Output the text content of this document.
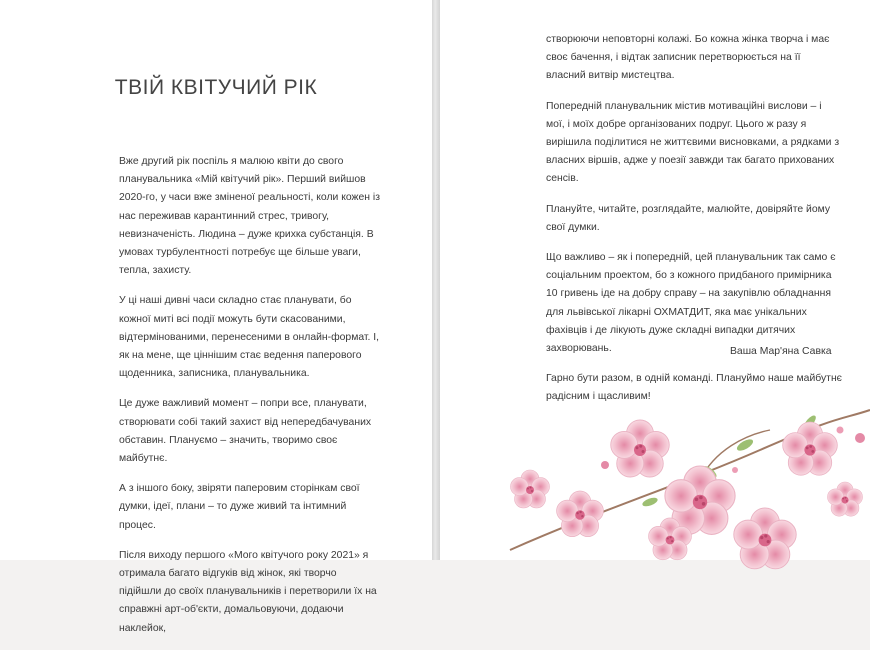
ТВІЙ КВІТУЧИЙ РІК

Вже другий рік поспіль я малюю квіти до свого планувальника «Мій квітучий рік». Перший вийшов 2020-го, у часи вже зміненої реальності, коли кожен із нас переживав карантинний стрес, тривогу, невизначеність. Людина – дуже крихка субстанція. В умовах турбулентності потребує ще більше уваги, тепла, захисту.

У ці наші дивні часи складно стає планувати, бо кожної миті всі події можуть бути скасованими, відтермінованими, перенесеними в онлайн-формат. І, як на мене, ще ціннішим стає ведення паперового щоденника, записника, планувальника.

Це дуже важливий момент – попри все, планувати, створювати собі такий захист від непередбачуваних обставин. Плануємо – значить, творимо своє майбутнє.

А з іншого боку, звіряти паперовим сторінкам свої думки, ідеї, плани – то дуже живий та інтимний процес.

Після виходу першого «Мого квітучого року 2021» я отримала багато відгуків від жінок, які творчо підійшли до своїх планувальників і перетворили їх на справжні арт-об'єкти, домальовуючи, додаючи наклейок,

створюючи неповторні колажі. Бо кожна жінка творча і має своє бачення, і відтак записник перетворюється на її власний витвір мистецтва.

Попередній планувальник містив мотиваційні вислови – і мої, і моїх добре організованих подруг. Цього ж разу я вирішила поділитися не життєвими висновками, а рядками з власних віршів, адже у поезії завжди так багато прихованих сенсів.

Плануйте, читайте, розглядайте, малюйте, довіряйте йому свої думки.

Що важливо – як і попередній, цей планувальник так само є соціальним проектом, бо з кожного придбаного примірника 10 гривень іде на добру справу – на закупівлю обладнання для львівської лікарні ОХМАТДИТ, яка має унікальних фахівців і де лікують дуже складні випадки дитячих захворювань.

Гарно бути разом, в одній команді. Плануймо наше майбутнє радісним і щасливим!

Ваша Мар'яна Савка
